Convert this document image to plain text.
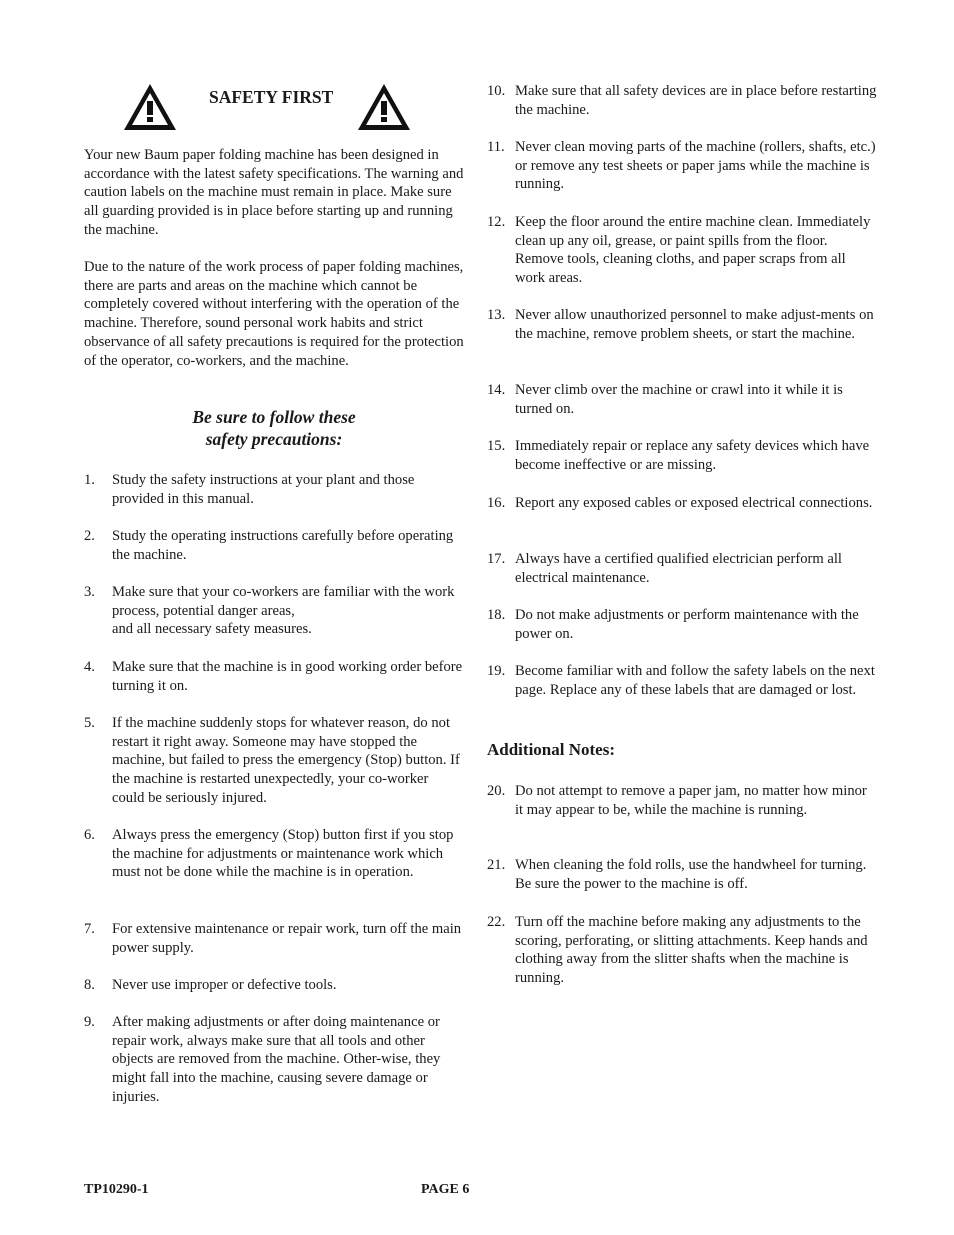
SAFETY FIRST

Your new Baum paper folding machine has been designed in accordance with the latest safety specifications. The warning and caution labels on the machine must remain in place. Make sure all guarding provided is in place before starting up and running the machine.

Due to the nature of the work process of paper folding machines, there are parts and areas on the machine which cannot be completely covered without interfering with the operation of the machine. Therefore, sound personal work habits and strict observance of all safety precautions is required for the protection of the operator, co-workers, and the machine.

Be sure to follow these
safety precautions:
1. Study the safety instructions at your plant and those provided in this manual.
2. Study the operating instructions carefully before operating the machine.
3. Make sure that your co-workers are familiar with the work process, potential danger areas,
and all necessary safety measures.
4. Make sure that the machine is in good working order before turning it on.
5. If the machine suddenly stops for whatever reason, do not restart it right away. Someone may have stopped the machine, but failed to press the emergency (Stop) button. If the machine is restarted unexpectedly, your co-worker could be seriously injured.
6. Always press the emergency (Stop) button first if you stop the machine for adjustments or maintenance work which must not be done while the machine is in operation.
7. For extensive maintenance or repair work, turn off the main power supply.
8. Never use improper or defective tools.
9. After making adjustments or after doing maintenance or repair work, always make sure that all tools and other objects are removed from the machine. Other-wise, they might fall into the machine, causing severe damage or injuries.
10. Make sure that all safety devices are in place before restarting the machine.
11. Never clean moving parts of the machine (rollers, shafts, etc.) or remove any test sheets or paper jams while the machine is running.
12. Keep the floor around the entire machine clean. Immediately clean up any oil, grease, or paint spills from the floor. Remove tools, cleaning cloths, and paper scraps from all work areas.
13. Never allow unauthorized personnel to make adjust-ments on the machine, remove problem sheets, or start the machine.
14. Never climb over the machine or crawl into it while it is turned on.
15. Immediately repair or replace any safety devices which have become ineffective or are missing.
16. Report any exposed cables or exposed electrical connections.
17. Always have a certified qualified electrician perform all electrical maintenance.
18. Do not make adjustments or perform maintenance with the power on.
19. Become familiar with and follow the safety labels on the next page. Replace any of these labels that are damaged or lost.
Additional Notes:
20. Do not attempt to remove a paper jam, no matter how minor it may appear to be, while the machine is running.
21. When cleaning the fold rolls, use the handwheel for turning. Be sure the power to the machine is off.
22. Turn off the machine before making any adjustments to the scoring, perforating, or slitting attachments. Keep hands and clothing away from the slitter shafts when the machine is running.
TP10290-1	PAGE 6
